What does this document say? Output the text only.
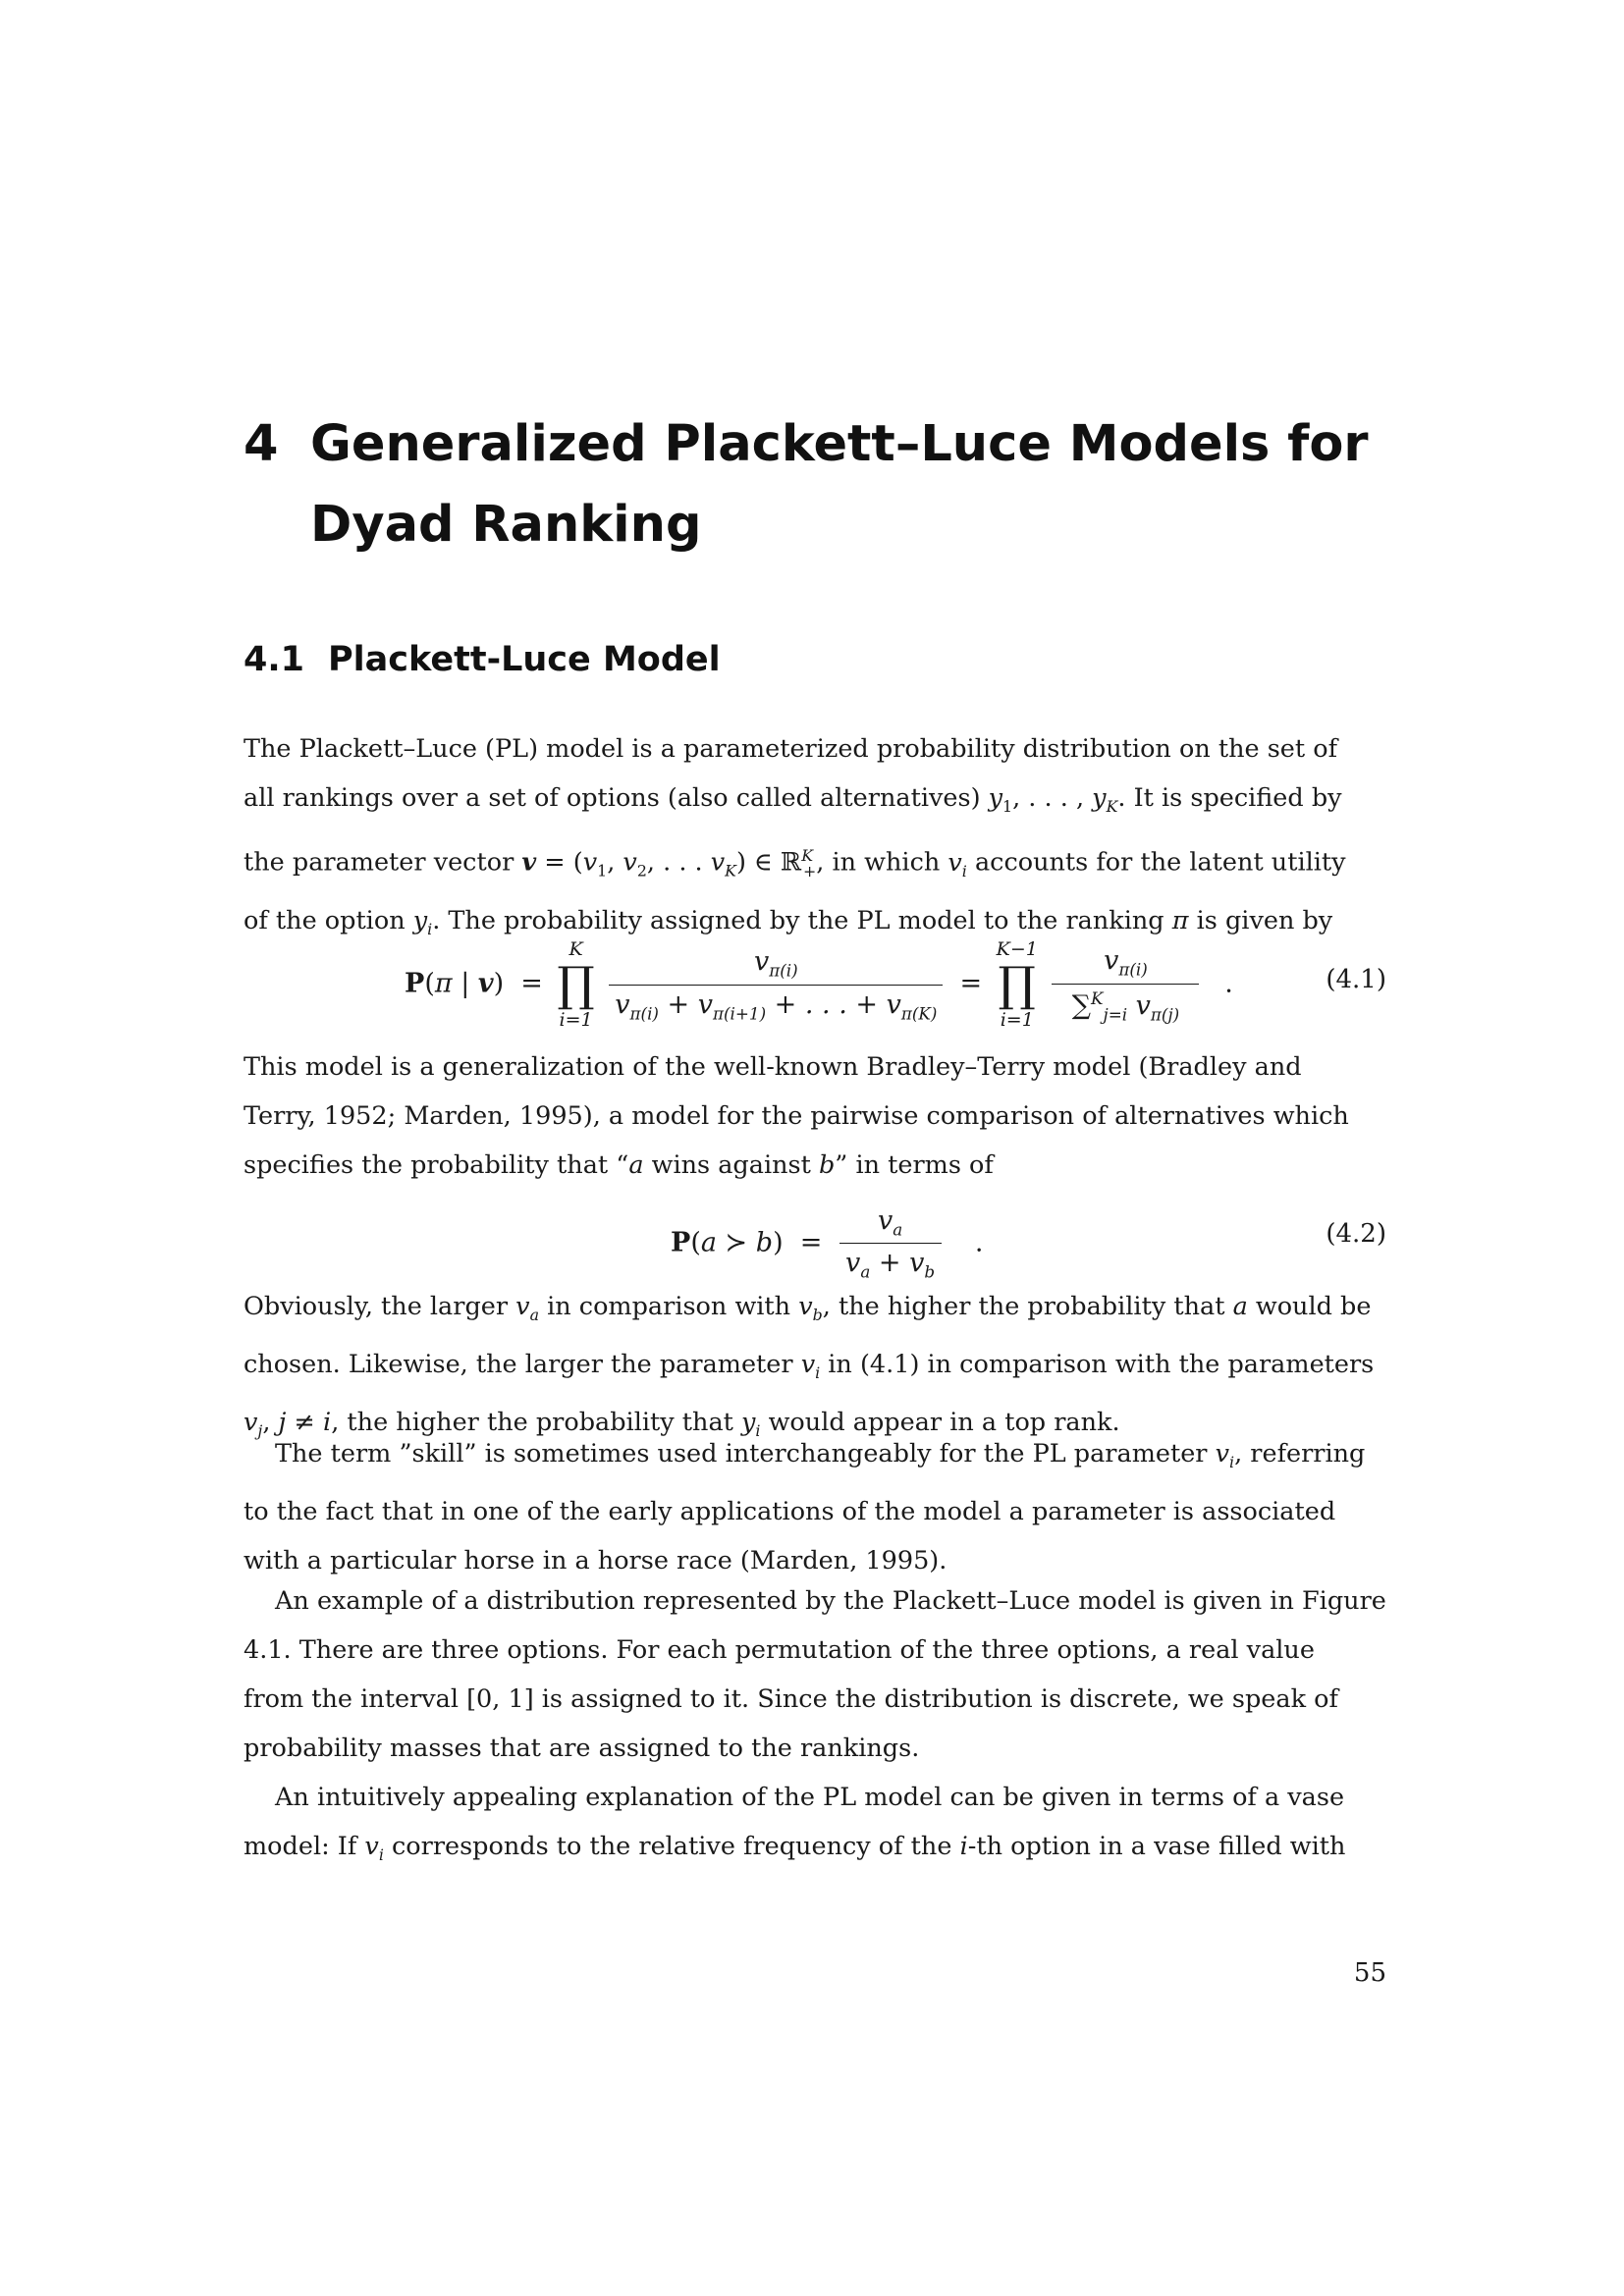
4 Generalized Plackett–Luce Models for
Dyad Ranking
4.1 Plackett-Luce Model
The Plackett–Luce (PL) model is a parameterized probability distribution on the set of
all rankings over a set of options (also called alternatives) $y_1$, . . . , $y_K$. It is specified by
the parameter vector $v = (v_1$, $v_2$, . . . $v_K$) ∈ ℝ$^K_+$, in which $v_i$ accounts for the latent utility
of the option $y_i$. The probability assigned by the PL model to the ranking π is given by
P(π | v)  =
K
∏
i=1
$\frac{v_{\pi(i)}}{v_{\pi(i)} + v_{\pi(i+1)} + . . . + v_{\pi(K)}}$ =
K−1
∏
i=1
$\frac{v_{\pi(i)}}{\sum^K_{j=i} v_{\pi(j)}}$ .	(4.1)
This model is a generalization of the well-known Bradley–Terry model (Bradley and
Terry, 1952; Marden, 1995), a model for the pairwise comparison of alternatives which
specifies the probability that “a wins against b” in terms of
P(a ≻ $b) = \frac{v_a}{v_a + v_b}$ .	(4.2)
Obviously, the larger $v_a$ in comparison with $v_b$, the higher the probability that a would be
chosen. Likewise, the larger the parameter $v_i$ in (4.1) in comparison with the parameters
$v_j$, j ≠ i, the higher the probability that $y_i$ would appear in a top rank.
The term ”skill” is sometimes used interchangeably for the PL parameter $v_i$, referring
to the fact that in one of the early applications of the model a parameter is associated
with a particular horse in a horse race (Marden, 1995).
An example of a distribution represented by the Plackett–Luce model is given in Figure
4.1. There are three options. For each permutation of the three options, a real value
from the interval [0, 1] is assigned to it. Since the distribution is discrete, we speak of
probability masses that are assigned to the rankings.
An intuitively appealing explanation of the PL model can be given in terms of a vase
model: If $v_i$ corresponds to the relative frequency of the i-th option in a vase filled with
55
